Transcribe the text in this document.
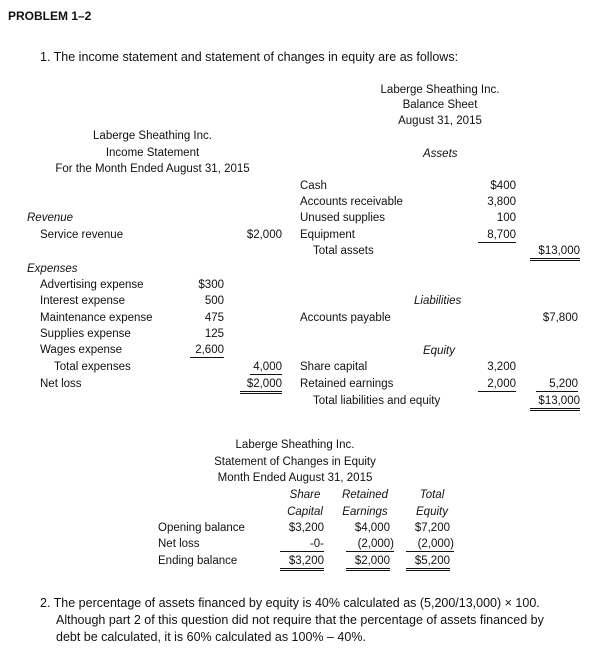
PROBLEM 1–2
1. The income statement and statement of changes in equity are as follows:
Laberge Sheathing Inc.
Balance Sheet
August 31, 2015
Assets
Laberge Sheathing Inc.
Income Statement
For the Month Ended August 31, 2015
Cash	$400
Accounts receivable	3,800
Unused supplies	100
Equipment	8,700
Total assets	$13,000
Revenue
Service revenue	$2,000
Expenses
Advertising expense	$300
Interest expense	500
Maintenance expense	475
Supplies expense	125
Wages expense	2,600
Total expenses	4,000
Net loss	$2,000
Liabilities
Accounts payable	$7,800
Equity
Share capital	3,200
Retained earnings	2,000	5,200
Total liabilities and equity	$13,000
Laberge Sheathing Inc.
Statement of Changes in Equity
Month Ended August 31, 2015
Share
Capital
Retained
Earnings
Total
Equity
Opening balance	$3,200	$4,000	$7,200
Net loss	-0-	(2,000)	(2,000)
Ending balance	$3,200	$2,000	$5,200
2. The percentage of assets financed by equity is 40% calculated as (5,200/13,000) × 100.
Although part 2 of this question did not require that the percentage of assets financed by
debt be calculated, it is 60% calculated as 100% – 40%.
